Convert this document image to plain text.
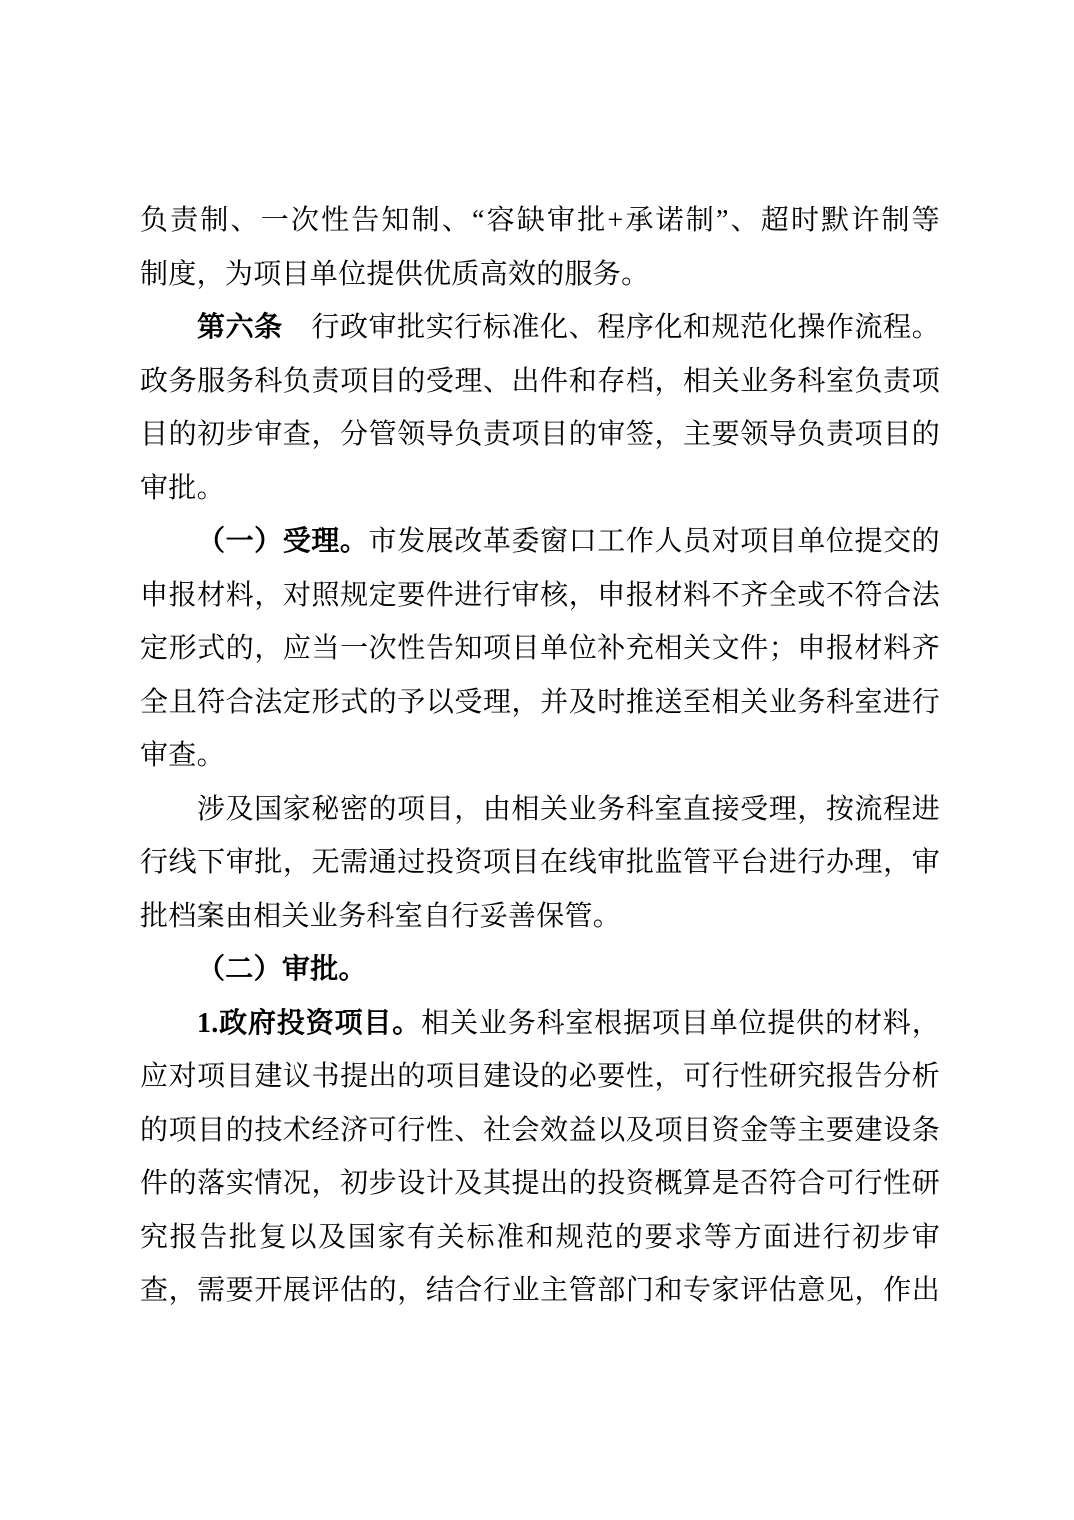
负责制、一次性告知制、“容缺审批+承诺制”、超时默许制等
制度，为项目单位提供优质高效的服务。
第六条　行政审批实行标准化、程序化和规范化操作流程。
政务服务科负责项目的受理、出件和存档，相关业务科室负责项
目的初步审查，分管领导负责项目的审签，主要领导负责项目的
审批。
（一）受理。市发展改革委窗口工作人员对项目单位提交的
申报材料，对照规定要件进行审核，申报材料不齐全或不符合法
定形式的，应当一次性告知项目单位补充相关文件；申报材料齐
全且符合法定形式的予以受理，并及时推送至相关业务科室进行
审查。
涉及国家秘密的项目，由相关业务科室直接受理，按流程进
行线下审批，无需通过投资项目在线审批监管平台进行办理，审
批档案由相关业务科室自行妥善保管。
（二）审批。
1.政府投资项目。相关业务科室根据项目单位提供的材料，
应对项目建议书提出的项目建设的必要性，可行性研究报告分析
的项目的技术经济可行性、社会效益以及项目资金等主要建设条
件的落实情况，初步设计及其提出的投资概算是否符合可行性研
究报告批复以及国家有关标准和规范的要求等方面进行初步审
查，需要开展评估的，结合行业主管部门和专家评估意见，作出
